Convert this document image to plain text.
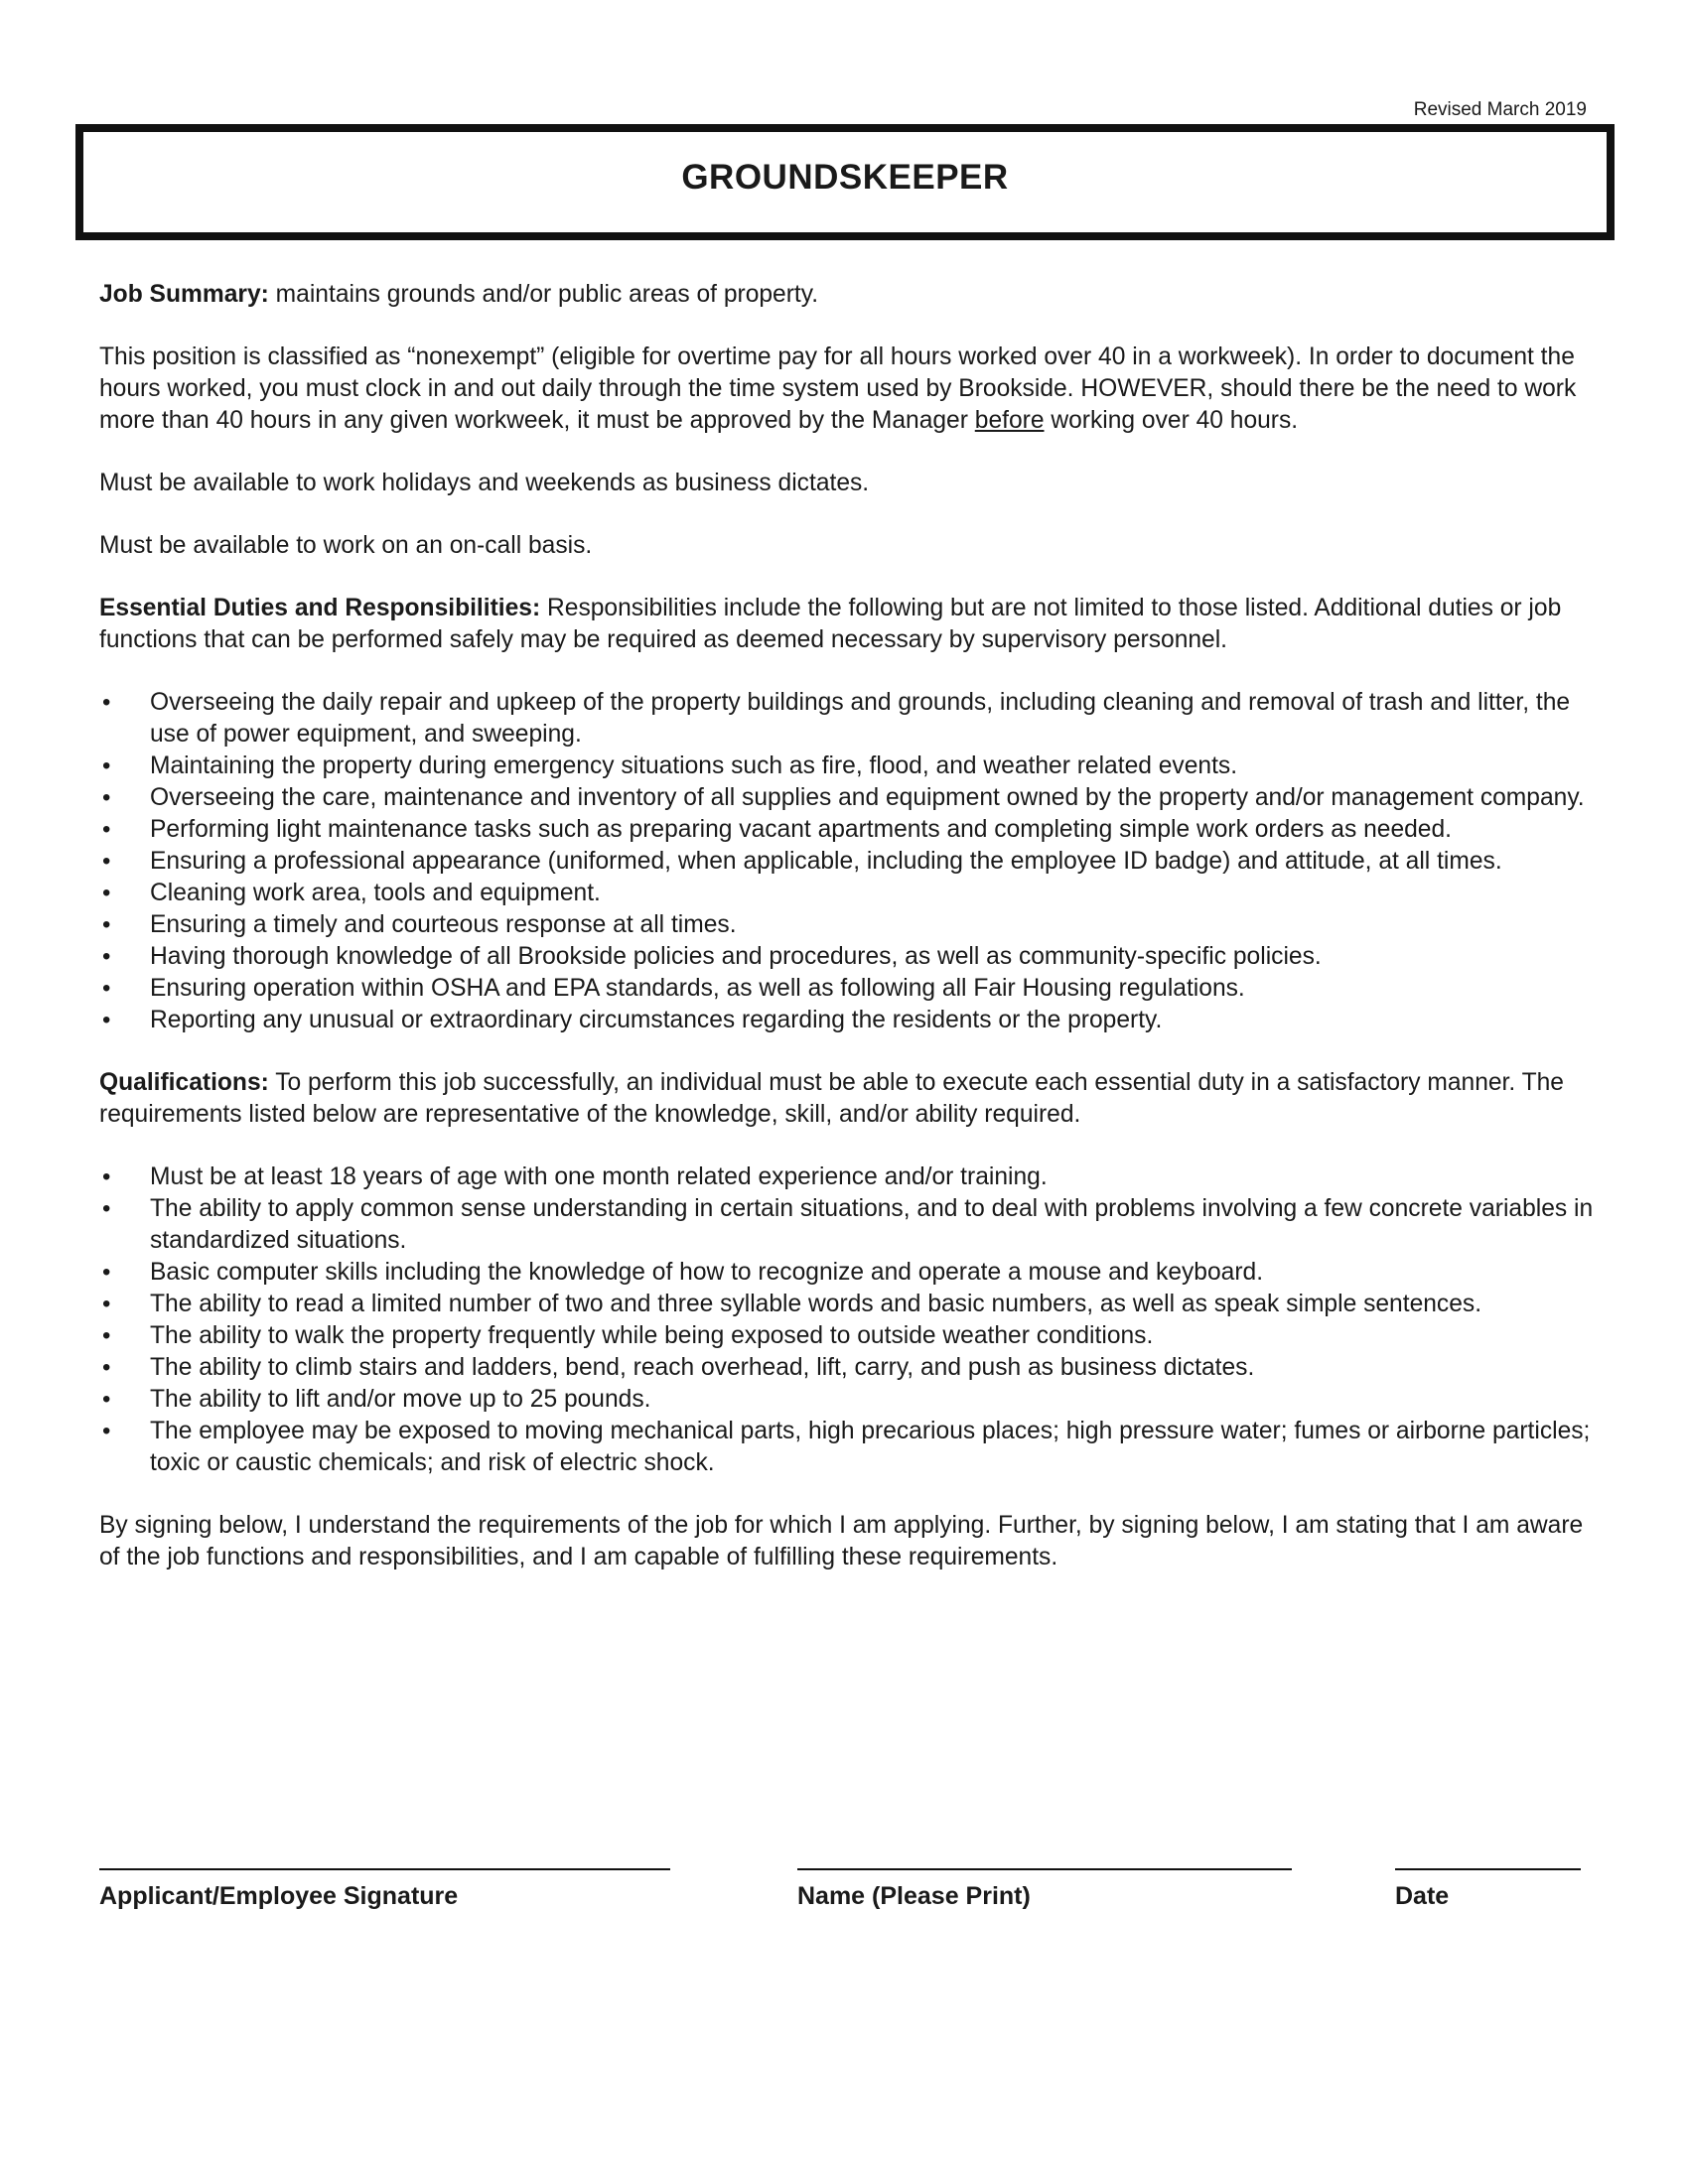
Revised March 2019
GROUNDSKEEPER

Job Summary: maintains grounds and/or public areas of property.

This position is classified as “nonexempt” (eligible for overtime pay for all hours worked over 40 in a workweek). In order to document the hours worked, you must clock in and out daily through the time system used by Brookside. HOWEVER, should there be the need to work more than 40 hours in any given workweek, it must be approved by the Manager before working over 40 hours.

Must be available to work holidays and weekends as business dictates.

Must be available to work on an on-call basis.

Essential Duties and Responsibilities: Responsibilities include the following but are not limited to those listed. Additional duties or job functions that can be performed safely may be required as deemed necessary by supervisory personnel.

• Overseeing the daily repair and upkeep of the property buildings and grounds, including cleaning and removal of trash and litter, the use of power equipment, and sweeping.
• Maintaining the property during emergency situations such as fire, flood, and weather related events.
• Overseeing the care, maintenance and inventory of all supplies and equipment owned by the property and/or management company.
• Performing light maintenance tasks such as preparing vacant apartments and completing simple work orders as needed.
• Ensuring a professional appearance (uniformed, when applicable, including the employee ID badge) and attitude, at all times.
• Cleaning work area, tools and equipment.
• Ensuring a timely and courteous response at all times.
• Having thorough knowledge of all Brookside policies and procedures, as well as community-specific policies.
• Ensuring operation within OSHA and EPA standards, as well as following all Fair Housing regulations.
• Reporting any unusual or extraordinary circumstances regarding the residents or the property.

Qualifications: To perform this job successfully, an individual must be able to execute each essential duty in a satisfactory manner. The requirements listed below are representative of the knowledge, skill, and/or ability required.

• Must be at least 18 years of age with one month related experience and/or training.
• The ability to apply common sense understanding in certain situations, and to deal with problems involving a few concrete variables in standardized situations.
• Basic computer skills including the knowledge of how to recognize and operate a mouse and keyboard.
• The ability to read a limited number of two and three syllable words and basic numbers, as well as speak simple sentences.
• The ability to walk the property frequently while being exposed to outside weather conditions.
• The ability to climb stairs and ladders, bend, reach overhead, lift, carry, and push as business dictates.
• The ability to lift and/or move up to 25 pounds.
• The employee may be exposed to moving mechanical parts, high precarious places; high pressure water; fumes or airborne particles; toxic or caustic chemicals; and risk of electric shock.

By signing below, I understand the requirements of the job for which I am applying. Further, by signing below, I am stating that I am aware of the job functions and responsibilities, and I am capable of fulfilling these requirements.

Applicant/Employee Signature	Name (Please Print)	Date
